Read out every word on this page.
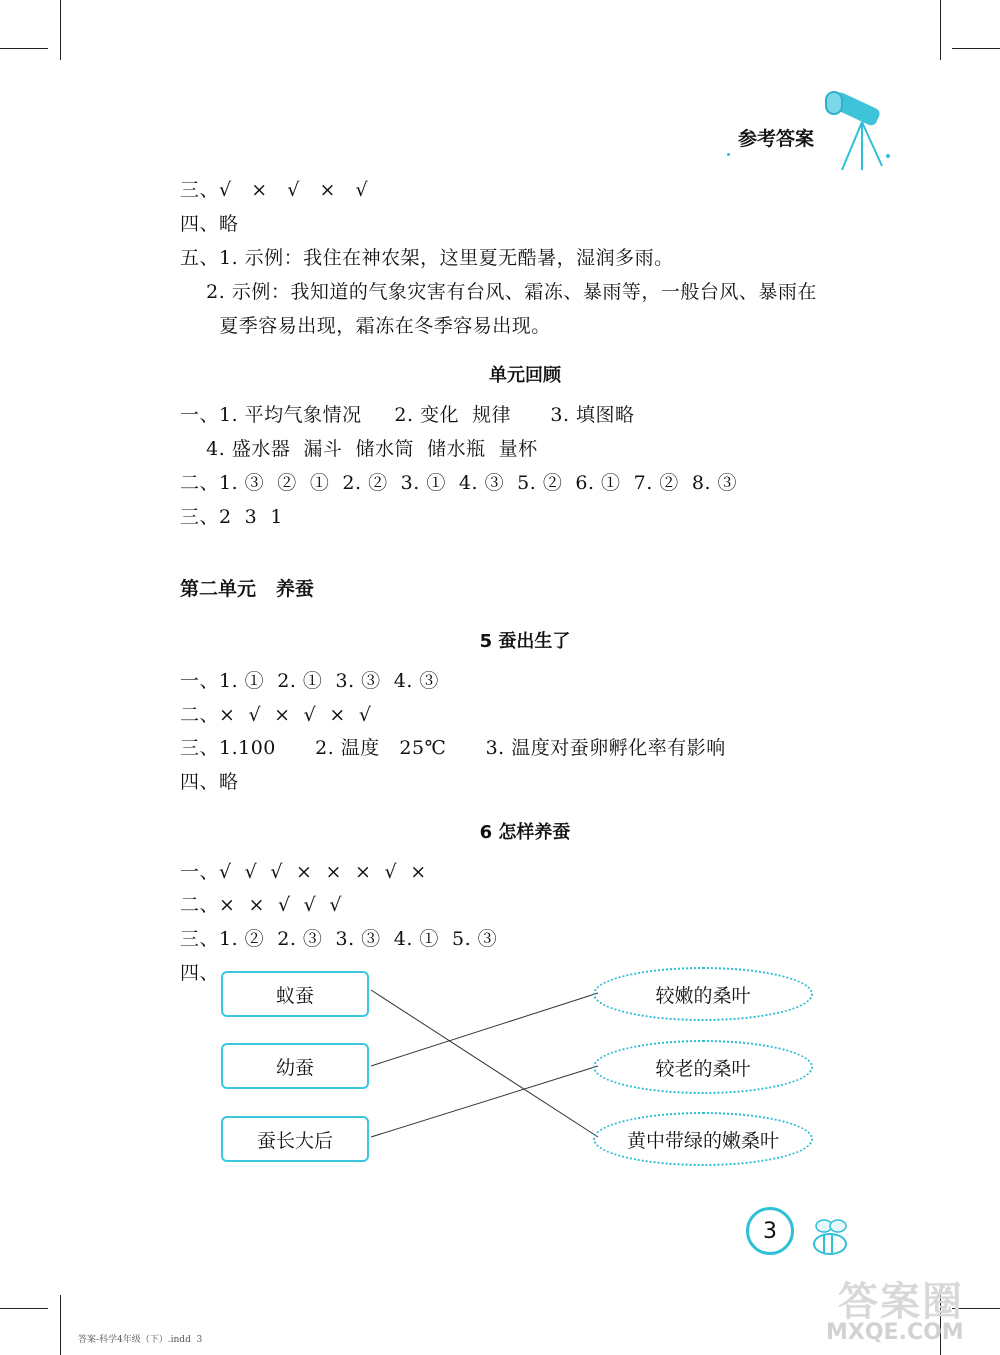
参考答案
三、√   ×   √   ×   √
四、略
五、1. 示例：我住在神农架，这里夏无酷暑，湿润多雨。
2. 示例：我知道的气象灾害有台风、霜冻、暴雨等，一般台风、暴雨在
夏季容易出现，霜冻在冬季容易出现。
单元回顾
一、1. 平均气象情况     2. 变化  规律      3. 填图略
4. 盛水器  漏斗  储水筒  储水瓶  量杯
二、1. ③  ②  ①  2. ②  3. ①  4. ③  5. ②  6. ①  7. ②  8. ③
三、2  3  1
第二单元   养蚕
5 蚕出生了
一、1. ①  2. ①  3. ③  4. ③
二、×  √  ×  √  ×  √
三、1.100      2. 温度   25℃      3. 温度对蚕卵孵化率有影响
四、略
6 怎样养蚕
一、√  √  √  ×  ×  ×  √  ×
二、×  ×  √  √  √
三、1. ②  2. ③  3. ③  4. ①  5. ③
四、
蚁蚕
幼蚕
蚕长大后
较嫩的桑叶
较老的桑叶
黄中带绿的嫩桑叶
3
答案圈
MXQE.COM
答案-科学4年级（下）.indd  3
